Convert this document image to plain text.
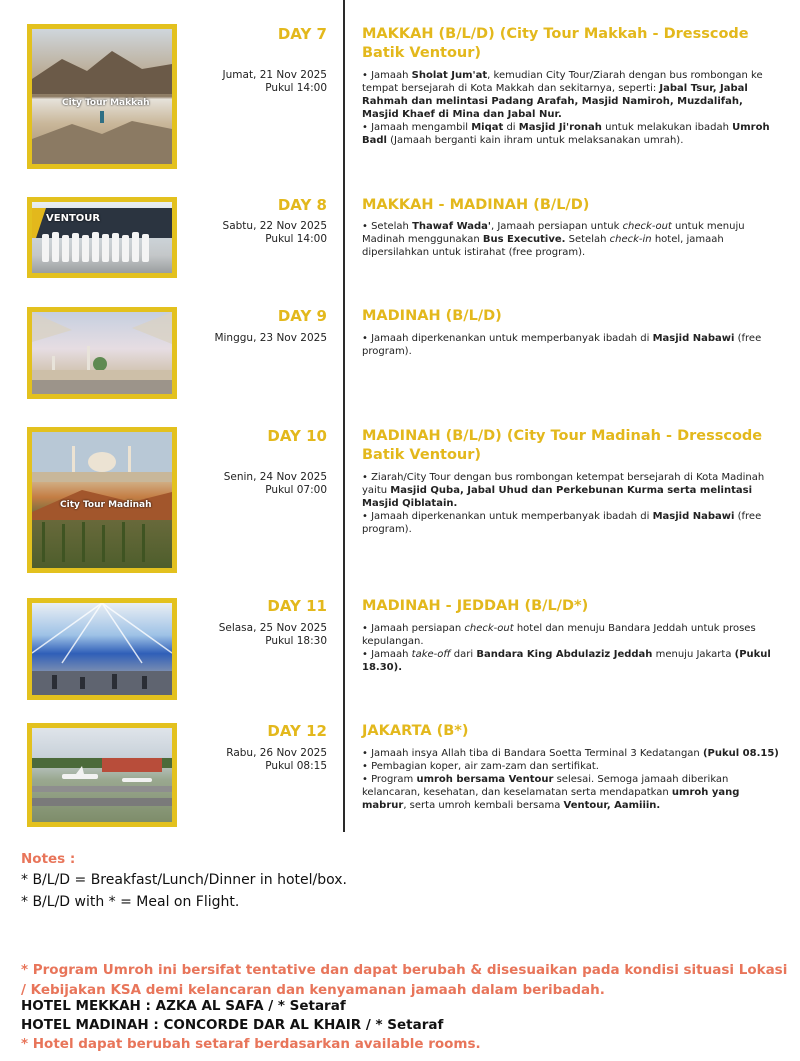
City Tour Makkah
DAY 7
Jumat, 21 Nov 2025
Pukul 14:00
MAKKAH (B/L/D) (City Tour Makkah - Dresscode Batik Ventour)
• Jamaah Sholat Jum'at, kemudian City Tour/Ziarah dengan bus rombongan ke tempat bersejarah di Kota Makkah dan sekitarnya, seperti: Jabal Tsur, Jabal Rahmah dan melintasi Padang Arafah, Masjid Namiroh, Muzdalifah, Masjid Khaef di Mina dan Jabal Nur.
• Jamaah mengambil Miqat di Masjid Ji'ronah untuk melakukan ibadah Umroh Badl (Jamaah berganti kain ihram untuk melaksanakan umrah).
VENTOUR
DAY 8
Sabtu, 22 Nov 2025
Pukul 14:00
MAKKAH - MADINAH (B/L/D)
• Setelah Thawaf Wada', Jamaah persiapan untuk check-out untuk menuju Madinah menggunakan Bus Executive. Setelah check-in hotel, jamaah dipersilahkan untuk istirahat (free program).
DAY 9
Minggu, 23 Nov 2025
MADINAH (B/L/D)
• Jamaah diperkenankan untuk memperbanyak ibadah di Masjid Nabawi (free program).
City Tour Madinah
DAY 10
Senin, 24 Nov 2025
Pukul 07:00
MADINAH (B/L/D) (City Tour Madinah - Dresscode Batik Ventour)
• Ziarah/City Tour dengan bus rombongan ketempat bersejarah di Kota Madinah yaitu Masjid Quba, Jabal Uhud dan Perkebunan Kurma serta melintasi Masjid Qiblatain.
• Jamaah diperkenankan untuk memperbanyak ibadah di Masjid Nabawi (free program).
DAY 11
Selasa, 25 Nov 2025
Pukul 18:30
MADINAH - JEDDAH (B/L/D*)
• Jamaah persiapan check-out hotel dan menuju Bandara Jeddah untuk proses kepulangan.
• Jamaah take-off dari Bandara King Abdulaziz Jeddah menuju Jakarta (Pukul 18.30).
DAY 12
Rabu, 26 Nov 2025
Pukul 08:15
JAKARTA (B*)
• Jamaah insya Allah tiba di Bandara Soetta Terminal 3 Kedatangan (Pukul 08.15)
• Pembagian koper, air zam-zam dan sertifikat.
• Program umroh bersama Ventour selesai. Semoga jamaah diberikan kelancaran, kesehatan, dan keselamatan serta mendapatkan umroh yang mabrur, serta umroh kembali bersama Ventour, Aamiiin.
Notes :
* B/L/D = Breakfast/Lunch/Dinner in hotel/box.
* B/L/D with * = Meal on Flight.
* Program Umroh ini bersifat tentative dan dapat berubah & disesuaikan pada kondisi situasi Lokasi / Kebijakan KSA demi kelancaran dan kenyamanan jamaah dalam beribadah.
HOTEL MEKKAH : AZKA AL SAFA / * Setaraf
HOTEL MADINAH : CONCORDE DAR AL KHAIR / * Setaraf
* Hotel dapat berubah setaraf berdasarkan available rooms.
